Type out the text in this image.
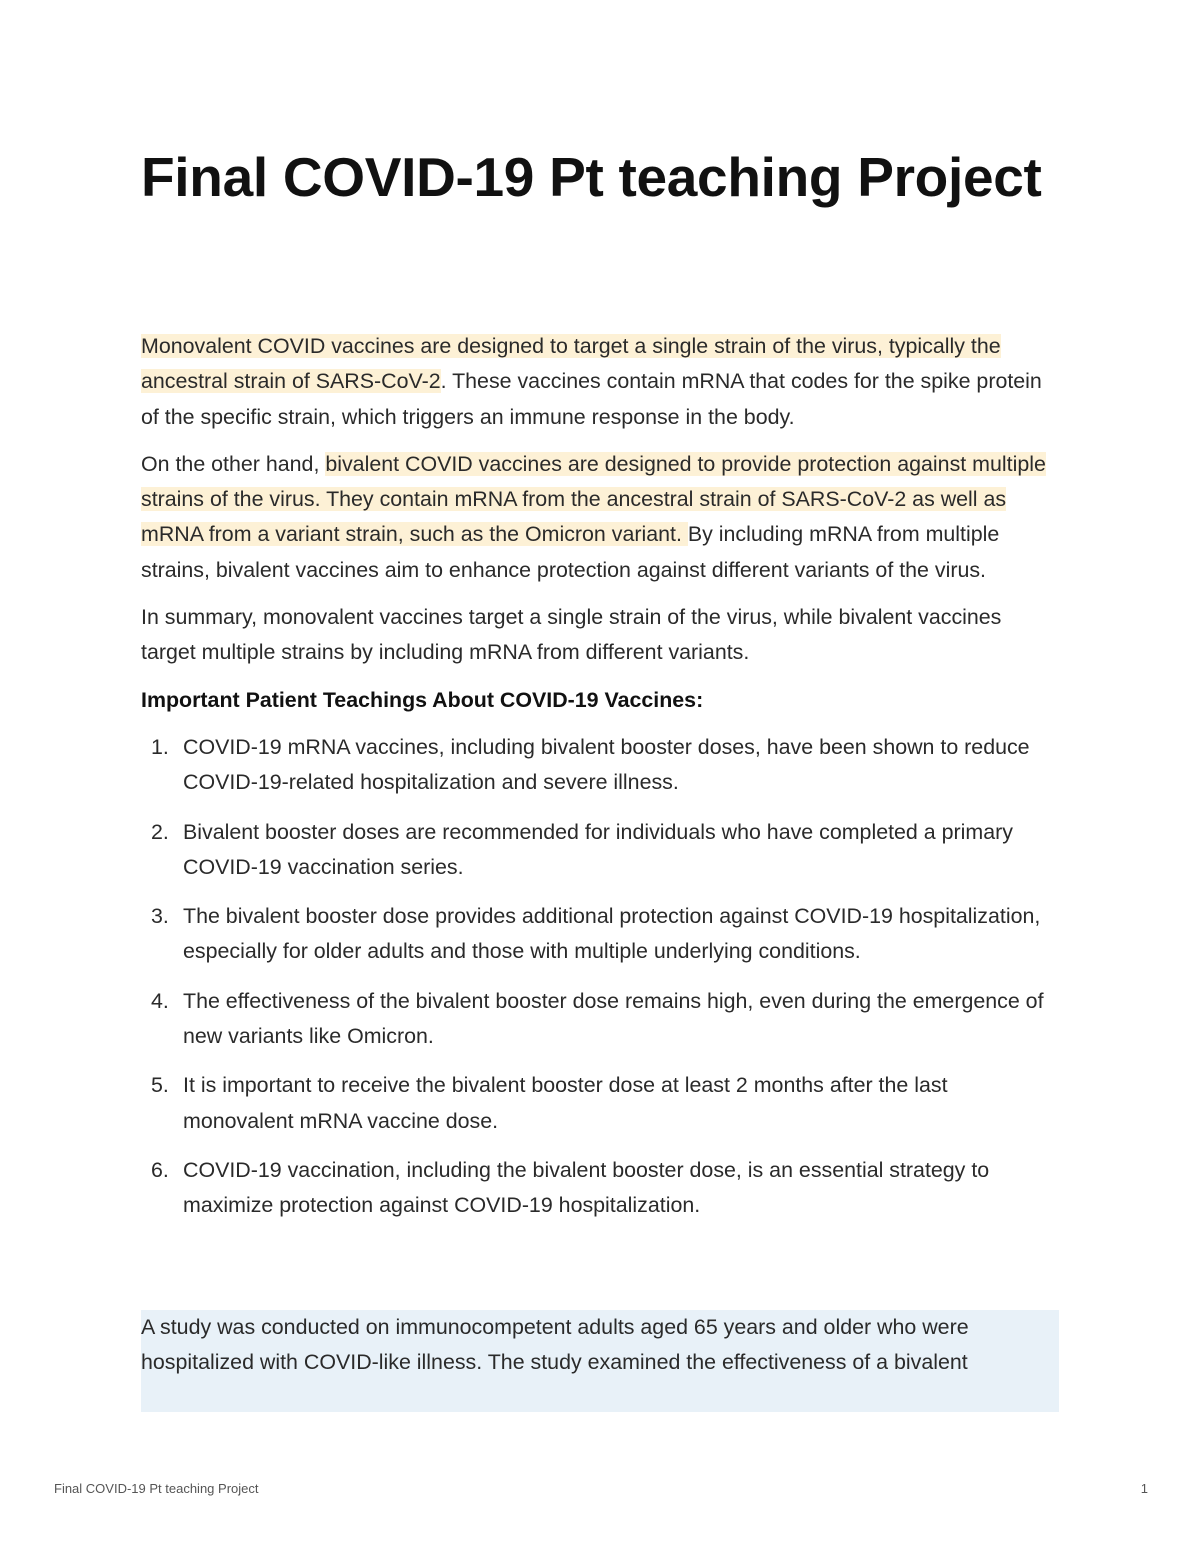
Final COVID-19 Pt teaching Project

Monovalent COVID vaccines are designed to target a single strain of the virus, typically the ancestral strain of SARS-CoV-2. These vaccines contain mRNA that codes for the spike protein of the specific strain, which triggers an immune response in the body.

On the other hand, bivalent COVID vaccines are designed to provide protection against multiple strains of the virus. They contain mRNA from the ancestral strain of SARS-CoV-2 as well as mRNA from a variant strain, such as the Omicron variant. By including mRNA from multiple strains, bivalent vaccines aim to enhance protection against different variants of the virus.

In summary, monovalent vaccines target a single strain of the virus, while bivalent vaccines target multiple strains by including mRNA from different variants.

Important Patient Teachings About COVID-19 Vaccines:

1. COVID-19 mRNA vaccines, including bivalent booster doses, have been shown to reduce COVID-19-related hospitalization and severe illness.
2. Bivalent booster doses are recommended for individuals who have completed a primary COVID-19 vaccination series.
3. The bivalent booster dose provides additional protection against COVID-19 hospitalization, especially for older adults and those with multiple underlying conditions.
4. The effectiveness of the bivalent booster dose remains high, even during the emergence of new variants like Omicron.
5. It is important to receive the bivalent booster dose at least 2 months after the last monovalent mRNA vaccine dose.
6. COVID-19 vaccination, including the bivalent booster dose, is an essential strategy to maximize protection against COVID-19 hospitalization.

A study was conducted on immunocompetent adults aged 65 years and older who were hospitalized with COVID-like illness. The study examined the effectiveness of a bivalent

Final COVID-19 Pt teaching Project	1
